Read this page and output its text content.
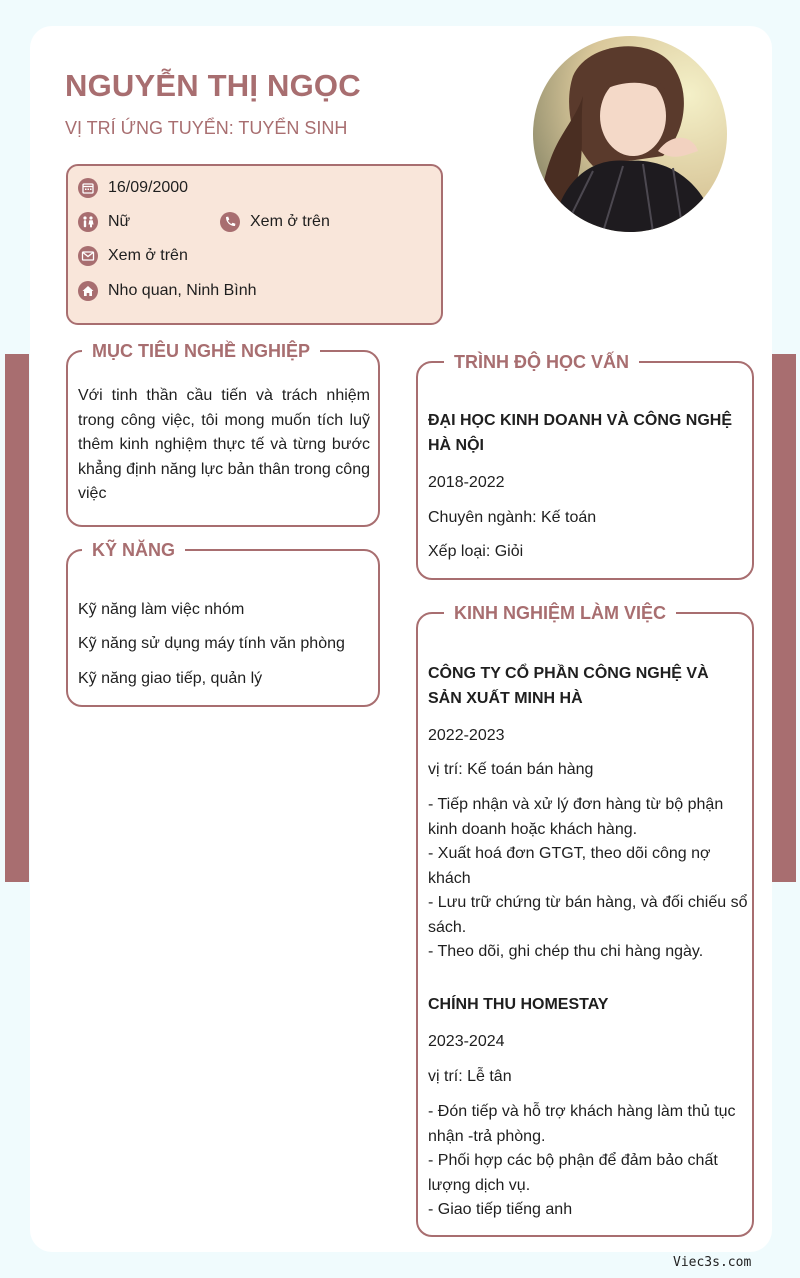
NGUYỄN THỊ NGỌC
VỊ TRÍ ỨNG TUYỂN: TUYỂN SINH
16/09/2000
Nữ	Xem ở trên
Xem ở trên
Nho quan, Ninh Bình
MỤC TIÊU NGHỀ NGHIỆP
Với tinh thần cầu tiến và trách nhiệm trong công việc, tôi mong muốn tích luỹ thêm kinh nghiệm thực tế và từng bước khẳng định năng lực bản thân trong công việc
KỸ NĂNG
Kỹ năng làm việc nhóm
Kỹ năng sử dụng máy tính văn phòng
Kỹ năng giao tiếp, quản lý
TRÌNH ĐỘ HỌC VẤN
ĐẠI HỌC KINH DOANH VÀ CÔNG NGHỆ HÀ NỘI
2018-2022
Chuyên ngành: Kế toán
Xếp loại: Giỏi
KINH NGHIỆM LÀM VIỆC
CÔNG TY CỔ PHẦN CÔNG NGHỆ VÀ SẢN XUẤT MINH HÀ
2022-2023
vị trí: Kế toán bán hàng
- Tiếp nhận và xử lý đơn hàng từ bộ phận kinh doanh hoặc khách hàng.
- Xuất hoá đơn GTGT, theo dõi công nợ khách
- Lưu trữ chứng từ bán hàng, và đối chiếu sổ sách.
- Theo dõi, ghi chép thu chi hàng ngày.
CHÍNH THU HOMESTAY
2023-2024
vị trí: Lễ tân
- Đón tiếp và hỗ trợ khách hàng làm thủ tục nhận -trả phòng.
- Phối hợp các bộ phận để đảm bảo chất lượng dịch vụ.
- Giao tiếp tiếng anh
Viec3s.com
